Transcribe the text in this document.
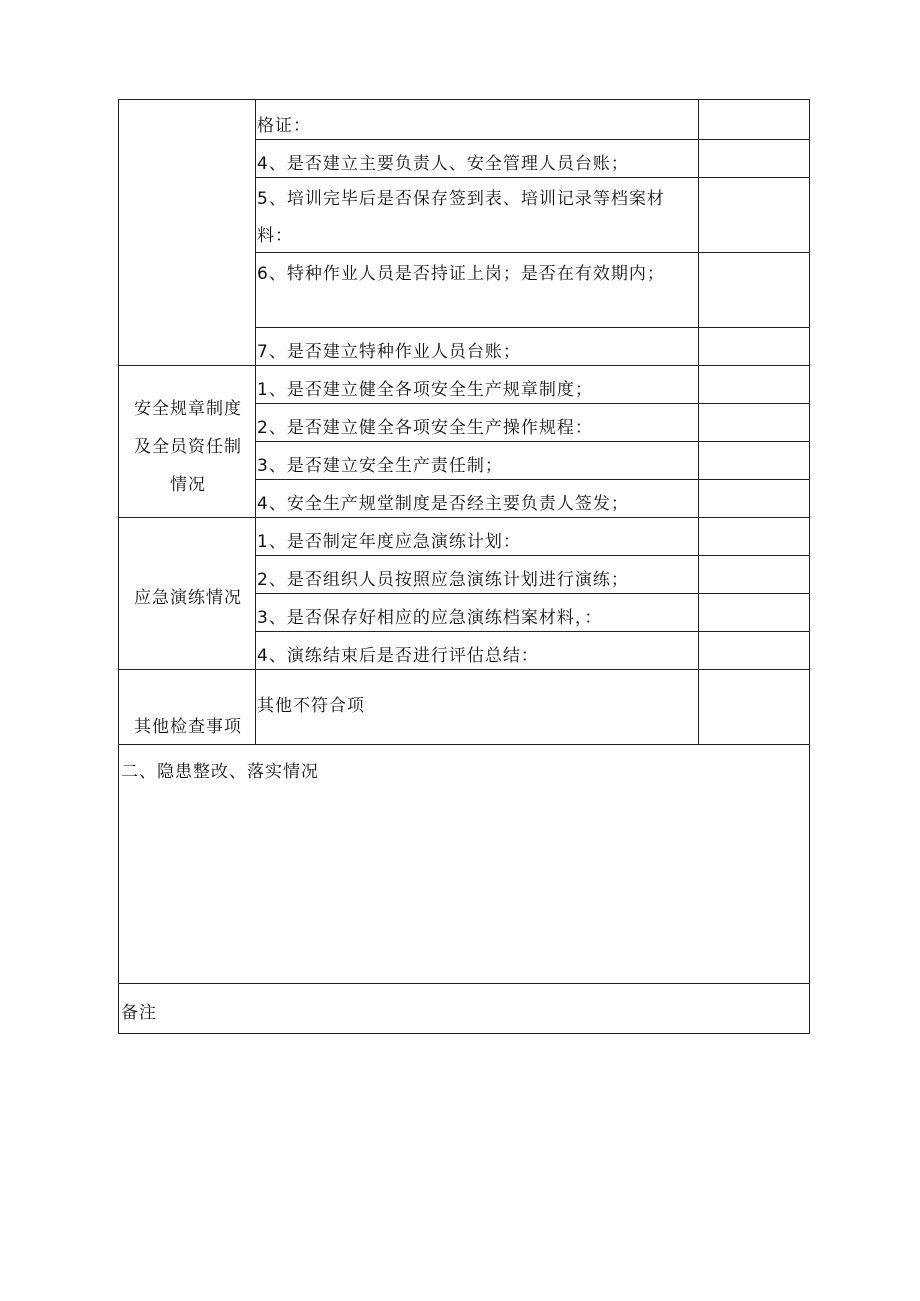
格证：
4、是否建立主要负责人、安全管理人员台账；
5、培训完毕后是否保存签到表、培训记录等档案材料：
6、特种作业人员是否持证上岗；是否在有效期内；
7、是否建立特种作业人员台账；
安全规章制度
及全员资任制
情况
1、是否建立健全各项安全生产规章制度；
2、是否建立健全各项安全生产操作规程：
3、是否建立安全生产责任制；
4、安全生产规堂制度是否经主要负责人签发；
应急演练情况
1、是否制定年度应急演练计划：
2、是否组织人员按照应急演练计划进行演练；
3、是否保存好相应的应急演练档案材料，：
4、演练结束后是否进行评估总结：
其他检查事项
其他不符合项
二、隐患整改、落实情况
备注
